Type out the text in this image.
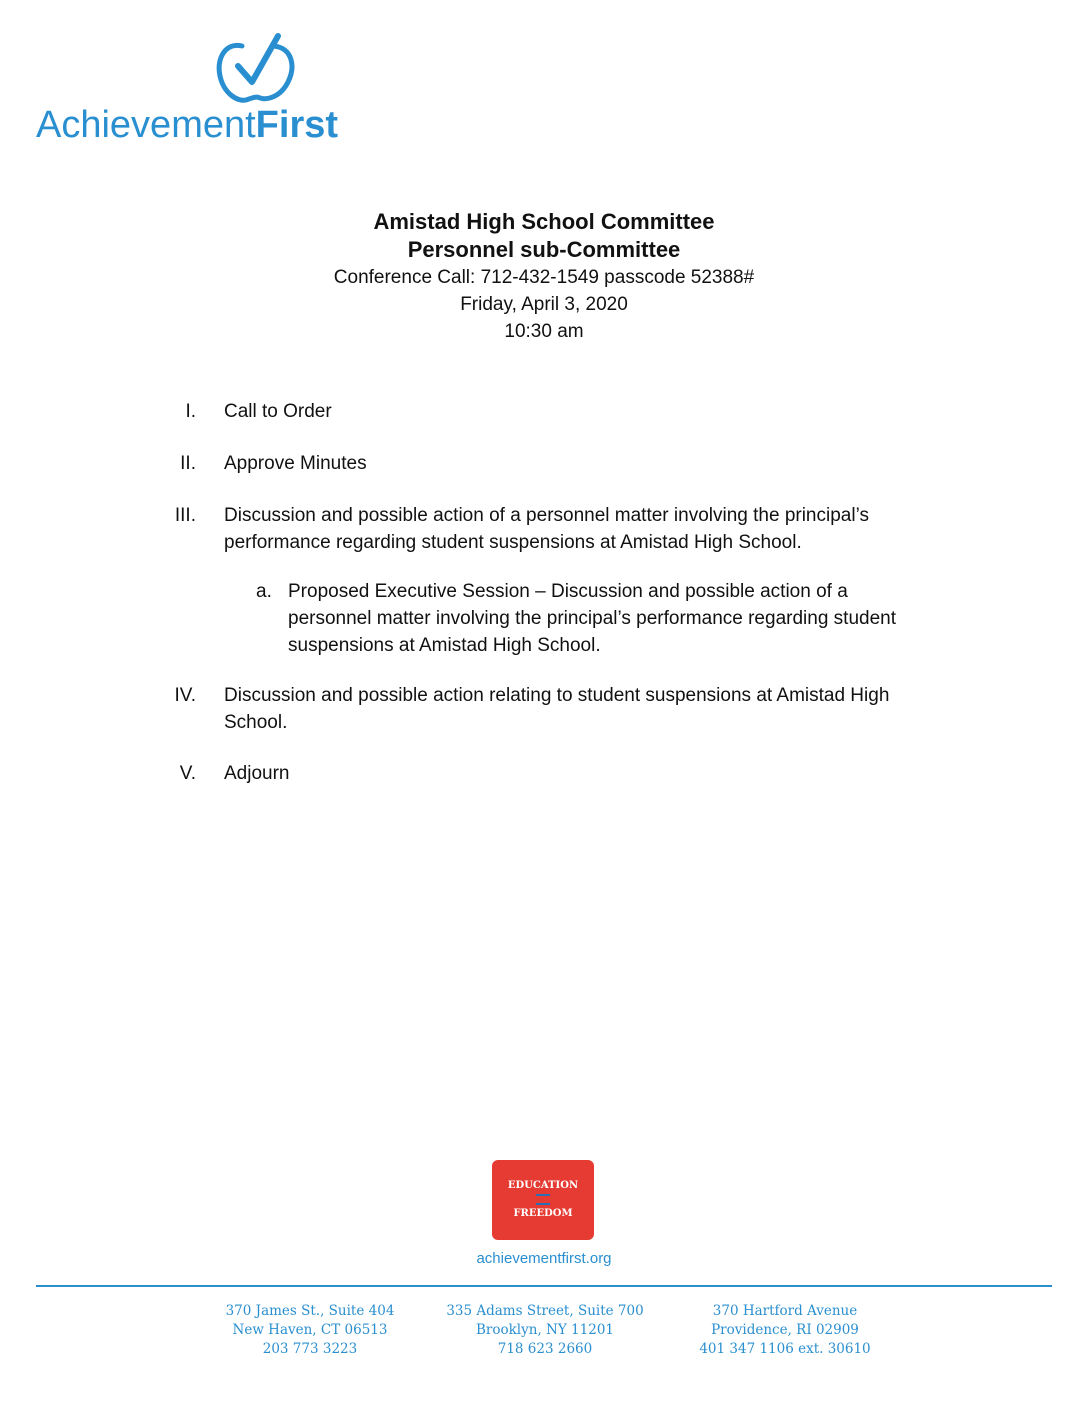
AchievementFirst
Amistad High School Committee
Personnel sub-Committee
Conference Call: 712-432-1549 passcode 52388#
Friday, April 3, 2020
10:30 am
I. Call to Order
II. Approve Minutes
III. Discussion and possible action of a personnel matter involving the principal’s
performance regarding student suspensions at Amistad High School.
a. Proposed Executive Session – Discussion and possible action of a
personnel matter involving the principal’s performance regarding student
suspensions at Amistad High School.
IV. Discussion and possible action relating to student suspensions at Amistad High
School.
V. Adjourn
EDUCATION
FREEDOM
achievementfirst.org
370 James St., Suite 404
New Haven, CT 06513
203 773 3223
335 Adams Street, Suite 700
Brooklyn, NY 11201
718 623 2660
370 Hartford Avenue
Providence, RI 02909
401 347 1106 ext. 30610
